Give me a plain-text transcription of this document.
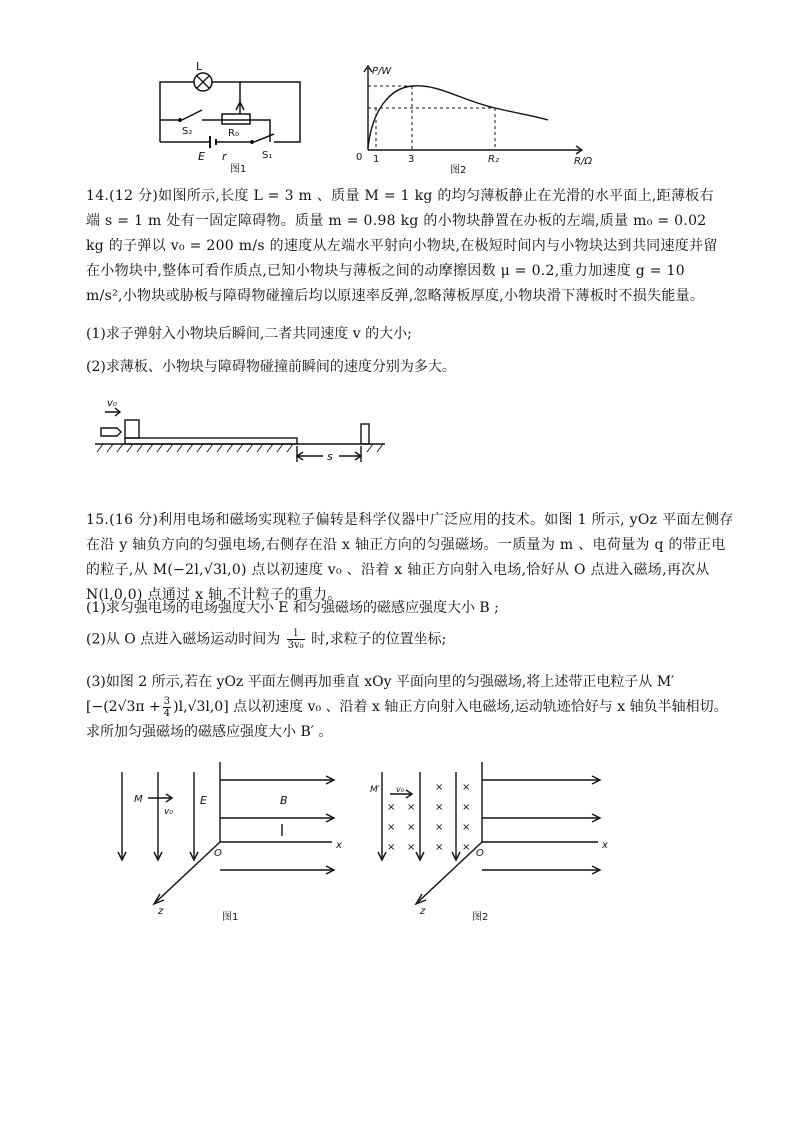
L
S₂	R₀
E r	S₁
图1
P/W
R/Ω
0 1	3	R₂
图2
14.(12 分)如图所示,长度 L = 3 m 、质量 M = 1 kg 的均匀薄板静止在光滑的水平面上,距薄板右端 s = 1 m 处有一固定障碍物。质量 m = 0.98 kg 的小物块静置在办板的左端,质量 m₀ = 0.02 kg 的子弹以 v₀ = 200 m/s 的速度从左端水平射向小物块,在极短时间内与小物块达到共同速度并留在小物块中,整体可看作质点,已知小物块与薄板之间的动摩擦因数 μ = 0.2,重力加速度 g = 10 m/s²,小物块或胁板与障碍物碰撞后均以原速率反弹,忽略薄板厚度,小物块滑下薄板时不损失能量。
(1)求子弹射入小物块后瞬间,二者共同速度 v 的大小;
(2)求薄板、小物块与障碍物碰撞前瞬间的速度分别为多大。
v₀
s
15.(16 分)利用电场和磁场实现粒子偏转是科学仪器中广泛应用的技术。如图 1 所示, yOz 平面左侧存在沿 y 轴负方向的匀强电场,右侧存在沿 x 轴正方向的匀强磁场。一质量为 m 、电荷量为 q 的带正电的粒子,从 M(−2l,√3l,0) 点以初速度 v₀ 、沿着 x 轴正方向射入电场,恰好从 O 点进入磁场,再次从 N(l,0,0) 点通过 x 轴,不计粒子的重力。
(1)求匀强电场的电场强度大小 E 和匀强磁场的磁感应强度大小 B ;
(2)从 O 点进入磁场运动时间为 $\frac{l}{\text{3v₀}}$ 时,求粒子的位置坐标;
(3)如图 2 所示,若在 yOz 平面左侧再加垂直 xOy 平面向里的匀强磁场,将上述带正电粒子从 M′
$[-(2√3\pi + \frac{3}{4} )l,√3l,0]$ 点以初速度 v₀ 、沿着 x 轴正方向射入电磁场,运动轨迹恰好与 x 轴负半轴相切。求所加匀强磁场的磁感应强度大小 B′ 。
M
v₀
E	B
O
x
z
图1
×
×
×
×
×
×
×
×
×
×
×
×
×
×
M′ v₀
O
x
z
图2
